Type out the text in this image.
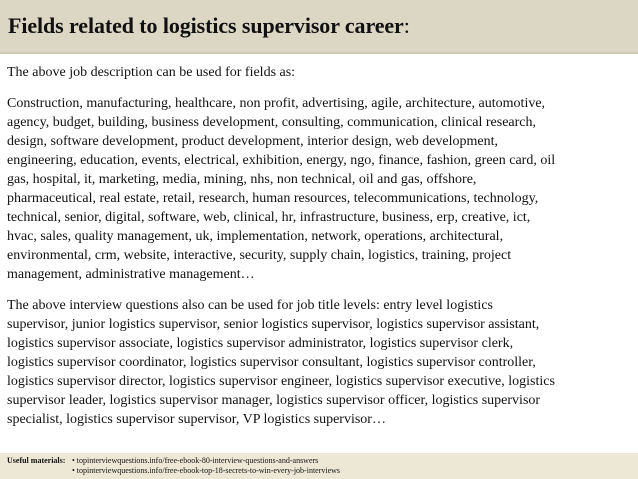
Fields related to logistics supervisor career:

The above job description can be used for fields as:

Construction, manufacturing, healthcare, non profit, advertising, agile, architecture, automotive,
agency, budget, building, business development, consulting, communication, clinical research,
design, software development, product development, interior design, web development,
engineering, education, events, electrical, exhibition, energy, ngo, finance, fashion, green card, oil
gas, hospital, it, marketing, media, mining, nhs, non technical, oil and gas, offshore,
pharmaceutical, real estate, retail, research, human resources, telecommunications, technology,
technical, senior, digital, software, web, clinical, hr, infrastructure, business, erp, creative, ict,
hvac, sales, quality management, uk, implementation, network, operations, architectural,
environmental, crm, website, interactive, security, supply chain, logistics, training, project
management, administrative management…

The above interview questions also can be used for job title levels: entry level logistics
supervisor, junior logistics supervisor, senior logistics supervisor, logistics supervisor assistant,
logistics supervisor associate, logistics supervisor administrator, logistics supervisor clerk,
logistics supervisor coordinator, logistics supervisor consultant, logistics supervisor controller,
logistics supervisor director, logistics supervisor engineer, logistics supervisor executive, logistics
supervisor leader, logistics supervisor manager, logistics supervisor officer, logistics supervisor
specialist, logistics supervisor supervisor, VP logistics supervisor…

Useful materials: • topinterviewquestions.info/free-ebook-80-interview-questions-and-answers
• topinterviewquestions.info/free-ebook-top-18-secrets-to-win-every-job-interviews
